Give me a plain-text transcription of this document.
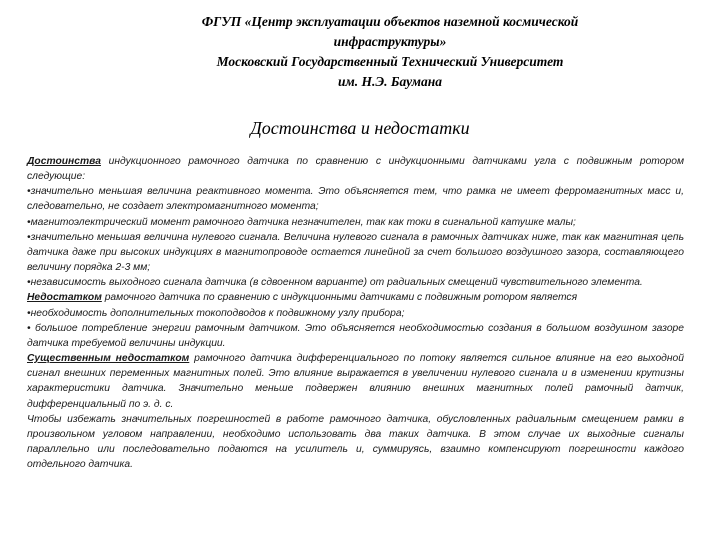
ФГУП «Центр эксплуатации объектов наземной космической
инфраструктуры»
Московский Государственный Технический Университет
им. Н.Э. Баумана
Достоинства и недостатки

Достоинства индукционного рамочного датчика по сравнению с индукционными датчиками угла с подвижным ротором следующие:

•значительно меньшая величина реактивного момента. Это объясняется тем, что рамка не имеет ферромагнитных масс и, следовательно, не создает электромагнитного момента;

•магнитоэлектрический момент рамочного датчика незначителен, так как токи в сигнальной катушке малы;

•значительно меньшая величина нулевого сигнала. Величина нулевого сигнала в рамочных датчиках ниже, так как магнитная цепь датчика даже при высоких индукциях в магнитопроводе остается линейной за счет большого воздушного зазора, составляющего величину порядка 2-3 мм;

•независимость выходного сигнала датчика (в сдвоенном варианте) от радиальных смещений чувствительного элемента.

Недостатком рамочного датчика по сравнению с индукционными датчиками с подвижным ротором является

•необходимость дополнительных токоподводов к подвижному узлу прибора;

• большое потребление энергии рамочным датчиком. Это объясняется необходимостью создания в большом воздушном зазоре датчика требуемой величины индукции.

Существенным недостатком рамочного датчика дифференциального по потоку является сильное влияние на его выходной сигнал внешних переменных магнитных полей. Это влияние выражается в увеличении нулевого сигнала и в изменении крутизны характеристики датчика. Значительно меньше подвержен влиянию внешних магнитных полей рамочный датчик, дифференциальный по э. д. с.

Чтобы избежать значительных погрешностей в работе рамочного датчика, обусловленных радиальным смещением рамки в произвольном угловом направлении, необходимо использовать два таких датчика. В этом случае их выходные сигналы параллельно или последовательно подаются на усилитель и, суммируясь, взаимно компенсируют погрешности каждого отдельного датчика.
